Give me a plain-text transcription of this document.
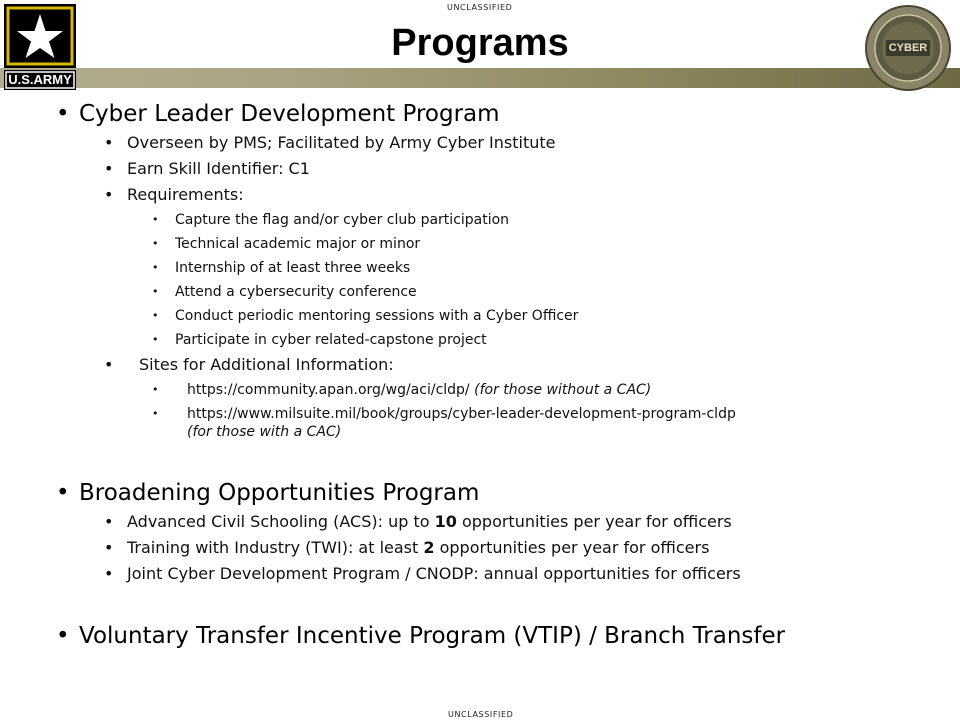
UNCLASSIFIED
Programs
U.S.ARMY
CYBER
• Cyber Leader Development Program
• Overseen by PMS; Facilitated by Army Cyber Institute
• Earn Skill Identifier: C1
• Requirements:
• Capture the flag and/or cyber club participation
• Technical academic major or minor
• Internship of at least three weeks
• Attend a cybersecurity conference
• Conduct periodic mentoring sessions with a Cyber Officer
• Participate in cyber related-capstone project
• Sites for Additional Information:
• https://community.apan.org/wg/aci/cldp/ (for those without a CAC)
• https://www.milsuite.mil/book/groups/cyber-leader-development-program-cldp
(for those with a CAC)
• Broadening Opportunities Program
• Advanced Civil Schooling (ACS): up to 10 opportunities per year for officers
• Training with Industry (TWI): at least 2 opportunities per year for officers
• Joint Cyber Development Program / CNODP: annual opportunities for officers
• Voluntary Transfer Incentive Program (VTIP) / Branch Transfer
UNCLASSIFIED
